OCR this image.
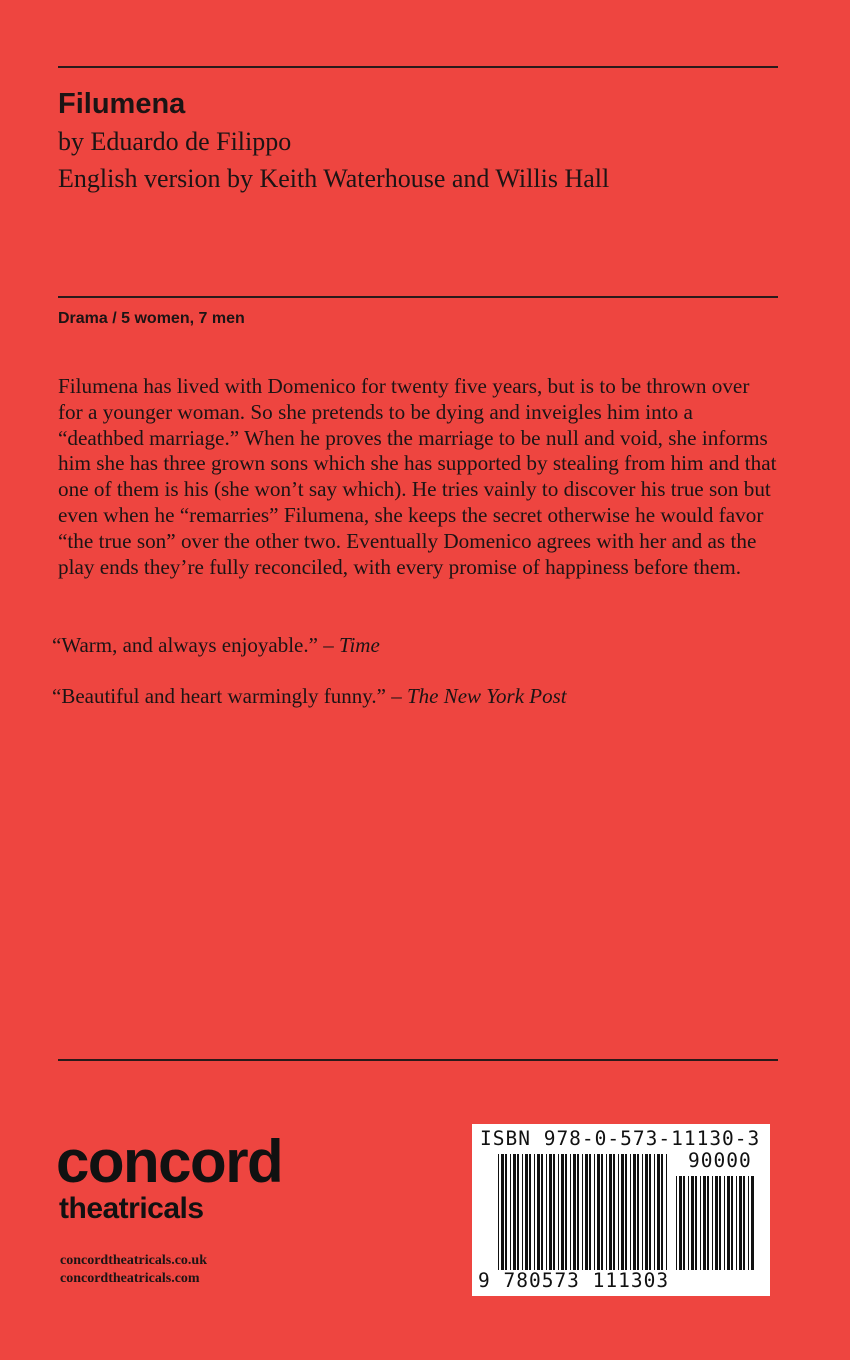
Filumena

by Eduardo de Filippo

English version by Keith Waterhouse and Willis Hall

Drama / 5 women, 7 men

Filumena has lived with Domenico for twenty five years, but is to be thrown over for a younger woman. So she pretends to be dying and inveigles him into a “deathbed marriage.” When he proves the marriage to be null and void, she informs him she has three grown sons which she has supported by stealing from him and that one of them is his (she won’t say which). He tries vainly to discover his true son but even when he “remarries” Filumena, she keeps the secret otherwise he would favor “the true son” over the other two. Eventually Domenico agrees with her and as the play ends they’re fully reconciled, with every promise of happiness before them.

“Warm, and always enjoyable.” – Time

“Beautiful and heart warmingly funny.” – The New York Post

concord
theatricals

concordtheatricals.co.uk

concordtheatricals.com

ISBN 978-0-573-11130-3
90000
9 780573 111303
